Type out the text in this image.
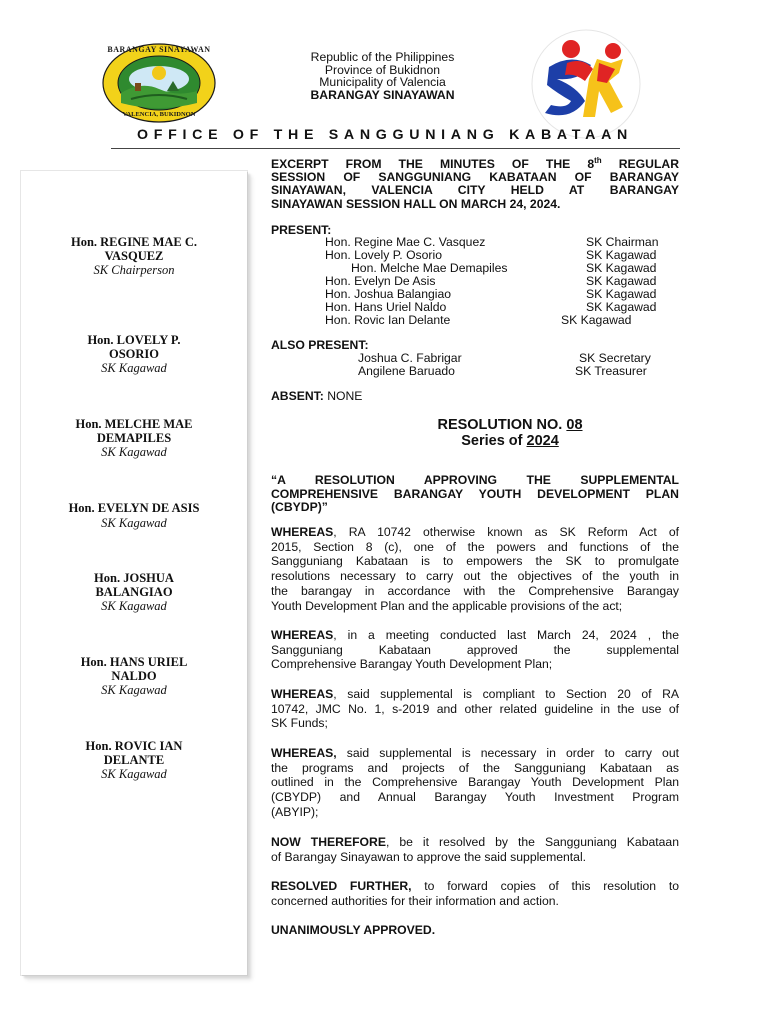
BARANGAY SINAYAWAN
VALENCIA, BUKIDNON
Republic of the Philippines
Province of Bukidnon
Municipality of Valencia
BARANGAY SINAYAWAN
OFFICE OF THE SANGGUNIANG KABATAAN
Hon. REGINE MAE C.
VASQUEZ
SK Chairperson
Hon. LOVELY P.
OSORIO
SK Kagawad
Hon. MELCHE MAE
DEMAPILES
SK Kagawad
Hon. EVELYN DE ASIS
SK Kagawad
Hon. JOSHUA
BALANGIAO
SK Kagawad
Hon. HANS URIEL
NALDO
SK Kagawad
Hon. ROVIC IAN
DELANTE
SK Kagawad
EXCERPT FROM THE MINUTES OF THE 8th REGULAR
SESSION OF SANGGUNIANG KABATAAN OF BARANGAY
SINAYAWAN, VALENCIA CITY HELD AT BARANGAY
SINAYAWAN SESSION HALL ON MARCH 24, 2024.
PRESENT:
Hon. Regine Mae C. Vasquez	SK Chairman
Hon. Lovely P. Osorio	SK Kagawad
Hon. Melche Mae Demapiles	SK Kagawad
Hon. Evelyn De Asis	SK Kagawad
Hon. Joshua Balangiao	SK Kagawad
Hon. Hans Uriel Naldo	SK Kagawad
Hon. Rovic Ian Delante	SK Kagawad
ALSO PRESENT:
Joshua C. Fabrigar	SK Secretary
Angilene Baruado	SK Treasurer
ABSENT: NONE
RESOLUTION NO. 08
Series of 2024
“A RESOLUTION APPROVING THE SUPPLEMENTAL
COMPREHENSIVE BARANGAY YOUTH DEVELOPMENT PLAN
(CBYDP)”
WHEREAS, RA 10742 otherwise known as SK Reform Act of
2015, Section 8 (c), one of the powers and functions of the
Sangguniang Kabataan is to empowers the SK to promulgate
resolutions necessary to carry out the objectives of the youth in
the barangay in accordance with the Comprehensive Barangay
Youth Development Plan and the applicable provisions of the act;
WHEREAS, in a meeting conducted last March 24, 2024 , the
Sangguniang Kabataan approved the supplemental
Comprehensive Barangay Youth Development Plan;
WHEREAS, said supplemental is compliant to Section 20 of RA
10742, JMC No. 1, s-2019 and other related guideline in the use of
SK Funds;
WHEREAS, said supplemental is necessary in order to carry out
the programs and projects of the Sangguniang Kabataan as
outlined in the Comprehensive Barangay Youth Development Plan
(CBYDP) and Annual Barangay Youth Investment Program
(ABYIP);
NOW THEREFORE, be it resolved by the Sangguniang Kabataan
of Barangay Sinayawan to approve the said supplemental.
RESOLVED FURTHER, to forward copies of this resolution to
concerned authorities for their information and action.
UNANIMOUSLY APPROVED.
